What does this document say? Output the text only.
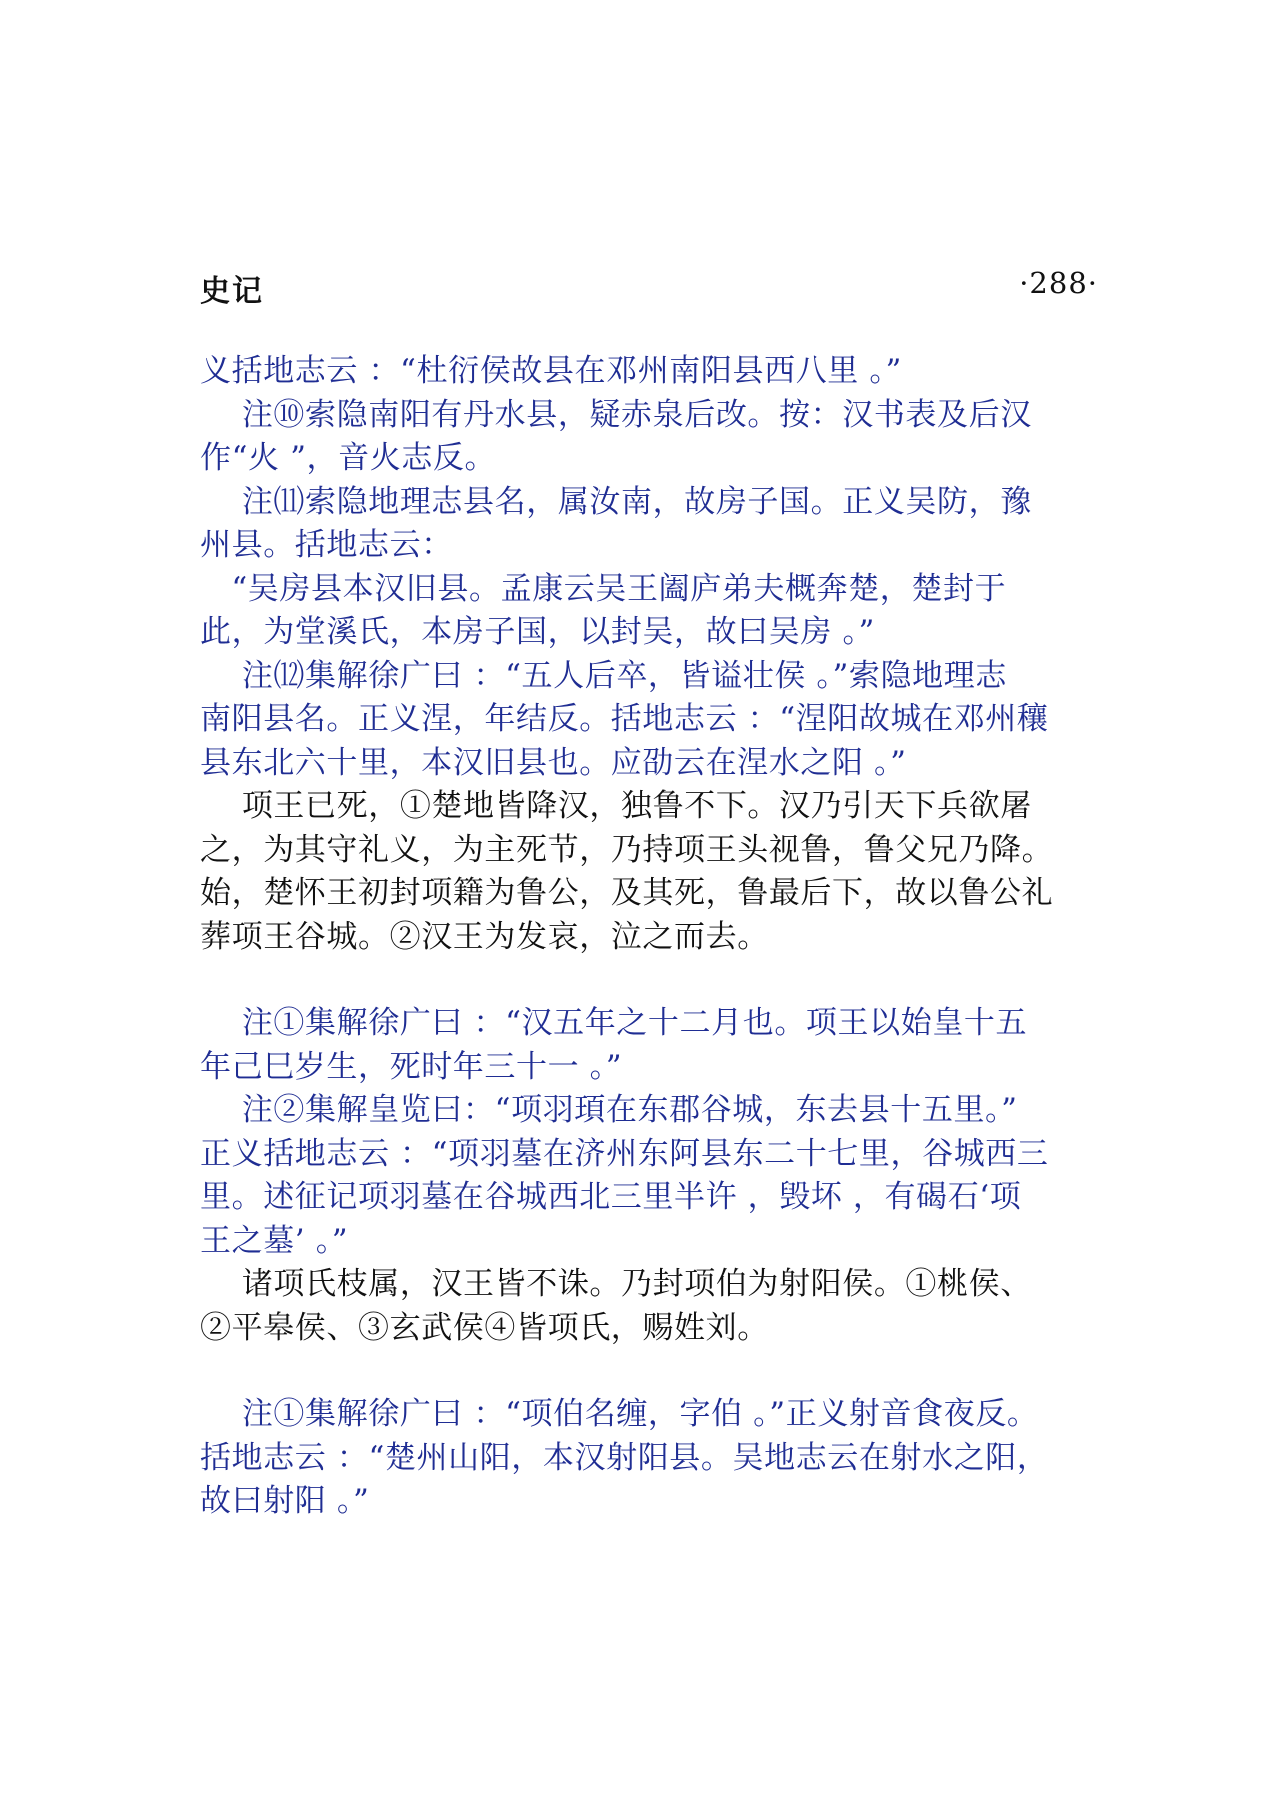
史记	·288·
义括地志云 ：“杜衍侯故县在邓州南阳县西八里 。”
注⑩索隐南阳有丹水县，疑赤泉后改。按：汉书表及后汉
作“火 ”，音火志反。
注⑾索隐地理志县名，属汝南，故房子国。正义吴防，豫
州县。括地志云：
“吴房县本汉旧县。孟康云吴王阖庐弟夫概奔楚，楚封于
此，为堂溪氏，本房子国，以封吴，故曰吴房 。”
注⑿集解徐广曰 ：“五人后卒，皆谥壮侯 。”索隐地理志
南阳县名。正义涅，年结反。括地志云 ：“涅阳故城在邓州穰
县东北六十里，本汉旧县也。应劭云在涅水之阳 。”
项王已死，①楚地皆降汉，独鲁不下。汉乃引天下兵欲屠
之，为其守礼义，为主死节，乃持项王头视鲁，鲁父兄乃降。
始，楚怀王初封项籍为鲁公，及其死，鲁最后下，故以鲁公礼
葬项王谷城。②汉王为发哀，泣之而去。
注①集解徐广曰 ：“汉五年之十二月也。项王以始皇十五
年己巳岁生，死时年三十一 。”
注②集解皇览曰：“项羽頊在东郡谷城，东去县十五里。”
正义括地志云 ：“项羽墓在济州东阿县东二十七里，谷城西三
里。述征记项羽墓在谷城西北三里半许 ，毁坏 ，有碣石‘项
王之墓’ 。”
诸项氏枝属，汉王皆不诛。乃封项伯为射阳侯。①桃侯、
②平皋侯、③玄武侯④皆项氏，赐姓刘。
注①集解徐广曰 ：“项伯名缠，字伯 。”正义射音食夜反。
括地志云 ：“楚州山阳，本汉射阳县。吴地志云在射水之阳，
故曰射阳 。”
